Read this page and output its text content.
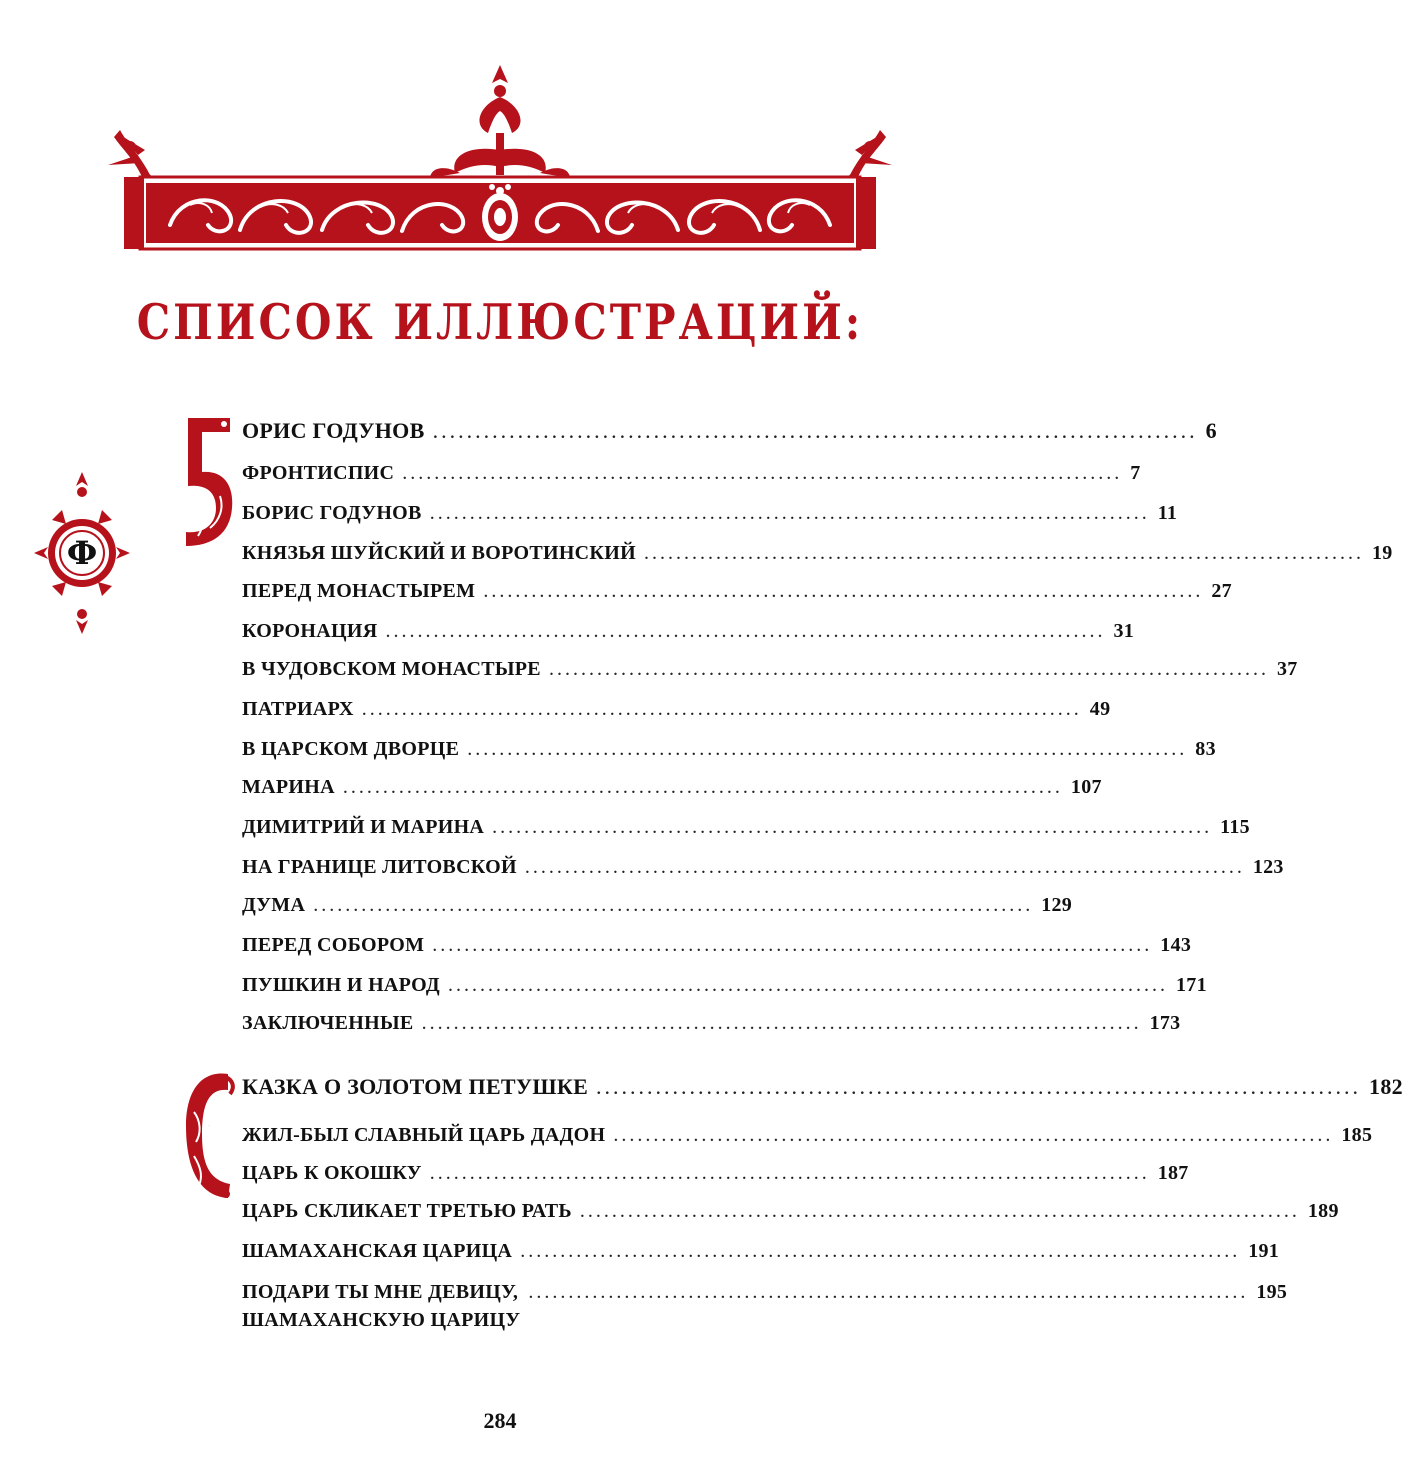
СПИСОК ИЛЛЮСТРАЦИЙ:
Ф
Б
С
ОРИС ГОДУНОВ .......................................................................................... 6
ФРОНТИСПИС .......................................................................................... 7
БОРИС ГОДУНОВ .......................................................................................... 11
КНЯЗЬЯ ШУЙСКИЙ И ВОРОТИНСКИЙ .......................................................................................... 19
ПЕРЕД МОНАСТЫРЕМ .......................................................................................... 27
КОРОНАЦИЯ .......................................................................................... 31
В ЧУДОВСКОМ МОНАСТЫРЕ .......................................................................................... 37
ПАТРИАРХ .......................................................................................... 49
В ЦАРСКОМ ДВОРЦЕ .......................................................................................... 83
МАРИНА .......................................................................................... 107
ДИМИТРИЙ И МАРИНА .......................................................................................... 115
НА ГРАНИЦЕ ЛИТОВСКОЙ .......................................................................................... 123
ДУМА .......................................................................................... 129
ПЕРЕД СОБОРОМ .......................................................................................... 143
ПУШКИН И НАРОД .......................................................................................... 171
ЗАКЛЮЧЕННЫЕ .......................................................................................... 173
КАЗКА О ЗОЛОТОМ ПЕТУШКЕ .......................................................................................... 182
ЖИЛ-БЫЛ СЛАВНЫЙ ЦАРЬ ДАДОН .......................................................................................... 185
ЦАРЬ К ОКОШКУ .......................................................................................... 187
ЦАРЬ СКЛИКАЕТ ТРЕТЬЮ РАТЬ .......................................................................................... 189
ШАМАХАНСКАЯ ЦАРИЦА .......................................................................................... 191
ПОДАРИ ТЫ МНЕ ДЕВИЦУ,
ШАМАХАНСКУЮ ЦАРИЦУ
.......................................................................................... 195
284
